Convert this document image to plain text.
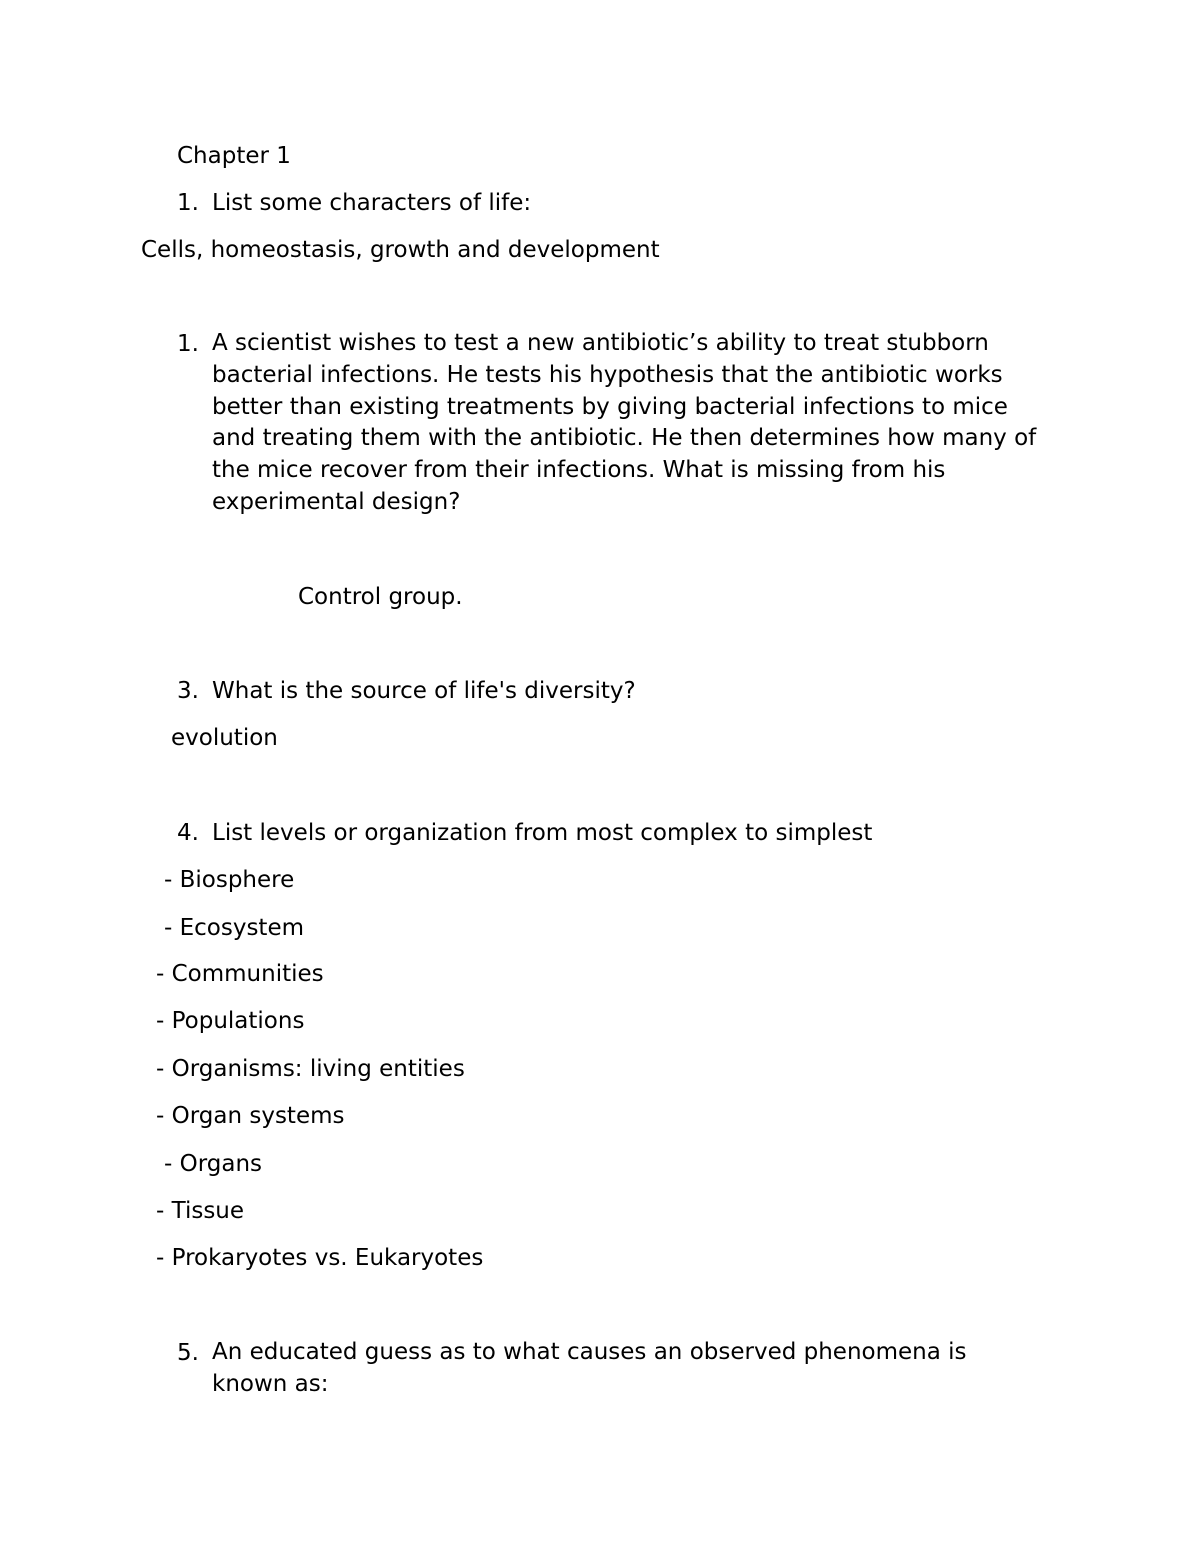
Chapter 1
1. List some characters of life:
Cells, homeostasis, growth and development
1. A scientist wishes to test a new antibiotic’s ability to treat stubborn
bacterial infections. He tests his hypothesis that the antibiotic works
better than existing treatments by giving bacterial infections to mice
and treating them with the antibiotic. He then determines how many of
the mice recover from their infections. What is missing from his
experimental design?
Control group.
3. What is the source of life's diversity?
evolution
4. List levels or organization from most complex to simplest
- Biosphere
- Ecosystem
- Communities
- Populations
- Organisms: living entities
- Organ systems
- Organs
- Tissue
- Prokaryotes vs. Eukaryotes
5. An educated guess as to what causes an observed phenomena is
known as:
